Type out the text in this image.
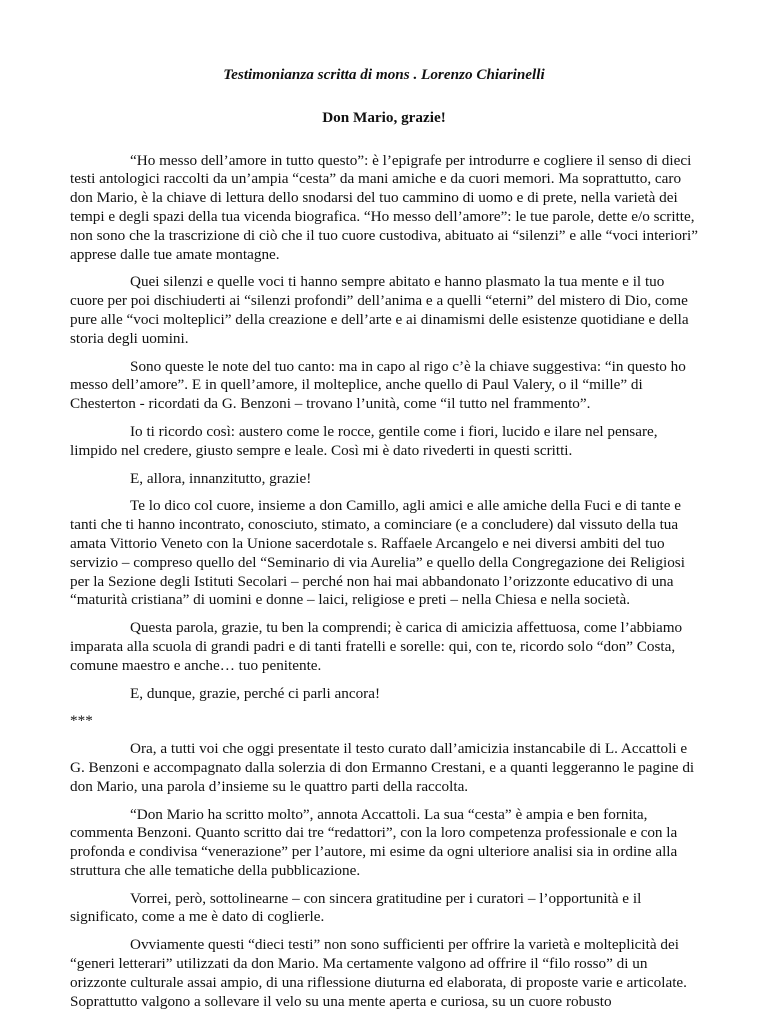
Testimonianza scritta di mons . Lorenzo Chiarinelli

Don Mario, grazie!

“Ho messo dell’amore in tutto questo”: è l’epigrafe per introdurre e cogliere il senso di dieci testi antologici raccolti da un’ampia “cesta” da mani amiche e da cuori memori. Ma soprattutto, caro don Mario, è la chiave di lettura dello snodarsi del tuo cammino di uomo e di prete, nella varietà dei tempi e degli spazi della tua vicenda biografica. “Ho messo dell’amore”: le tue parole, dette e/o scritte, non sono che la trascrizione di ciò che il tuo cuore custodiva, abituato ai “silenzi” e alle “voci interiori” apprese dalle tue amate montagne.

Quei silenzi e quelle voci ti hanno sempre abitato e hanno plasmato la tua mente e il tuo cuore per poi dischiuderti ai “silenzi profondi” dell’anima e a quelli “eterni” del mistero di Dio, come pure alle “voci molteplici” della creazione e dell’arte e ai dinamismi delle esistenze quotidiane e della storia degli uomini.

Sono queste le note del tuo canto: ma in capo al rigo c’è la chiave suggestiva: “in questo ho messo dell’amore”. E in quell’amore, il molteplice, anche quello di Paul Valery, o il “mille” di Chesterton - ricordati da G. Benzoni – trovano l’unità, come “il tutto nel frammento”.

Io ti ricordo così: austero come le rocce, gentile come i fiori, lucido e ilare nel pensare, limpido nel credere, giusto sempre e leale. Così mi è dato rivederti in questi scritti.

E, allora, innanzitutto, grazie!

Te lo dico col cuore, insieme a don Camillo, agli amici e alle amiche della Fuci e di tante e tanti che ti hanno incontrato, conosciuto, stimato, a cominciare (e a concludere) dal vissuto della tua amata Vittorio Veneto con la Unione sacerdotale s. Raffaele Arcangelo e nei diversi ambiti del tuo servizio – compreso quello del “Seminario di via Aurelia” e quello della Congregazione dei Religiosi per la Sezione degli Istituti Secolari – perché non hai mai abbandonato l’orizzonte educativo di una “maturità cristiana” di uomini e donne – laici, religiose e preti – nella Chiesa e nella società.

Questa parola, grazie, tu ben la comprendi; è carica di amicizia affettuosa, come l’abbiamo imparata alla scuola di grandi padri e di tanti fratelli e sorelle: qui, con te, ricordo solo “don” Costa, comune maestro e anche… tuo penitente.

E, dunque, grazie, perché ci parli ancora!

***

Ora, a tutti voi che oggi presentate il testo curato dall’amicizia instancabile di L. Accattoli e G. Benzoni e accompagnato dalla solerzia di don Ermanno Crestani, e a quanti leggeranno le pagine di don Mario, una parola d’insieme su le quattro parti della raccolta.

“Don Mario ha scritto molto”, annota Accattoli. La sua “cesta” è ampia e ben fornita, commenta Benzoni. Quanto scritto dai tre “redattori”, con la loro competenza professionale e con la profonda e condivisa “venerazione” per l’autore, mi esime da ogni ulteriore analisi sia in ordine alla struttura che alle tematiche della pubblicazione.

Vorrei, però, sottolinearne – con sincera gratitudine per i curatori – l’opportunità e il significato, come a me è dato di coglierle.

Ovviamente questi “dieci testi” non sono sufficienti per offrire la varietà e molteplicità dei “generi letterari” utilizzati da don Mario. Ma certamente valgono ad offrire il “filo rosso” di un orizzonte culturale assai ampio, di una riflessione diuturna ed elaborata, di proposte varie e articolate. Soprattutto valgono a sollevare il velo su una mente aperta e curiosa, su un cuore robusto
